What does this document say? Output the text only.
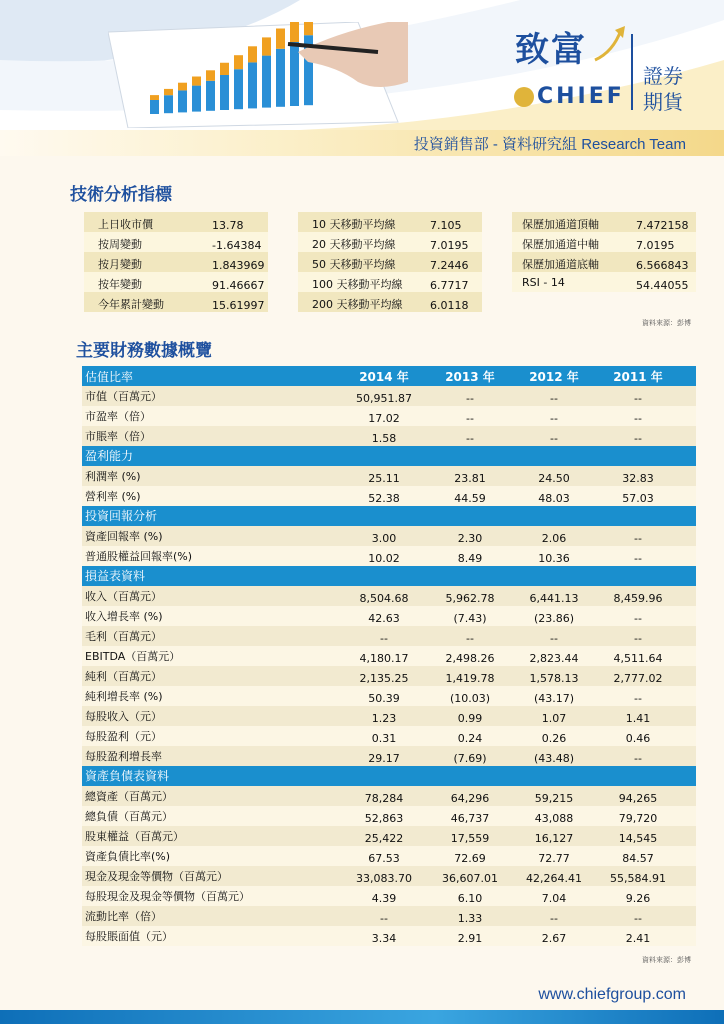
致富
CHIEF
證券
期貨
投資銷售部 - 資料研究組 Research Team
技術分析指標
上日收市價	13.78
按周變動	-1.64384
按月變動	1.843969
按年變動	91.46667
今年累計變動	15.61997
10 天移動平均線	7.105
20 天移動平均線	7.0195
50 天移動平均線	7.2446
100 天移動平均線	6.7717
200 天移動平均線	6.0118
保歷加通道頂軸	7.472158
保歷加通道中軸	7.0195
保歷加通道底軸	6.566843
RSI - 14	54.44055
資料來源：彭博
主要財務數據概覽
估值比率	2014 年	2013 年	2012 年	2011 年
市值（百萬元）	50,951.87	--	--	--
市盈率（倍）	17.02	--	--	--
市賬率（倍）	1.58	--	--	--
盈利能力
利潤率 (%)	25.11	23.81	24.50	32.83
營利率 (%)	52.38	44.59	48.03	57.03
投資回報分析
資產回報率 (%)	3.00	2.30	2.06	--
普通股權益回報率(%)	10.02	8.49	10.36	--
損益表資料
收入（百萬元）	8,504.68	5,962.78	6,441.13	8,459.96
收入增長率 (%)	42.63	(7.43)	(23.86)	--
毛利（百萬元）	--	--	--	--
EBITDA（百萬元）	4,180.17	2,498.26	2,823.44	4,511.64
純利（百萬元）	2,135.25	1,419.78	1,578.13	2,777.02
純利增長率 (%)	50.39	(10.03)	(43.17)	--
每股收入（元）	1.23	0.99	1.07	1.41
每股盈利（元）	0.31	0.24	0.26	0.46
每股盈利增長率	29.17	(7.69)	(43.48)	--
資產負債表資料
總資產（百萬元）	78,284	64,296	59,215	94,265
總負債（百萬元）	52,863	46,737	43,088	79,720
股東權益（百萬元）	25,422	17,559	16,127	14,545
資產負債比率(%)	67.53	72.69	72.77	84.57
現金及現金等價物（百萬元）	33,083.70	36,607.01	42,264.41	55,584.91
每股現金及現金等價物（百萬元）	4.39	6.10	7.04	9.26
流動比率（倍）	--	1.33	--	--
每股賬面值（元）	3.34	2.91	2.67	2.41
資料來源：彭博
www.chiefgroup.com
